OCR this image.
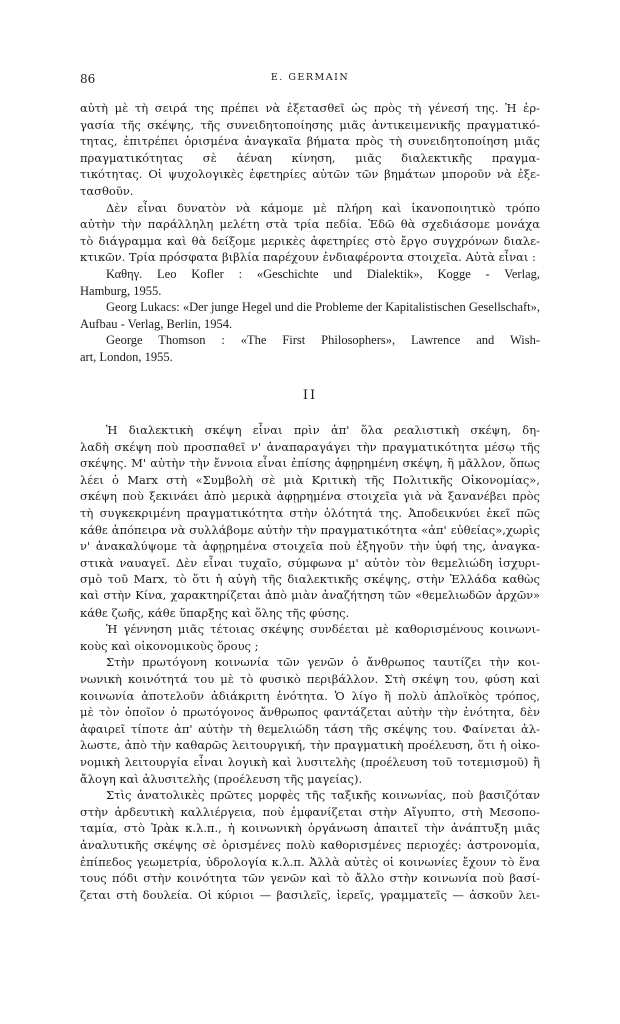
86	E. GERMAIN
αὐτὴ μὲ τὴ σειρά της πρέπει νὰ ἐξετασθεῖ ὡς πρὸς τὴ γένεσή της. Ἡ ἐρ-
γασία τῆς σκέψης, τῆς συνειδητοποίησης μιᾶς ἀντικειμενικῆς πραγματικό-
τητας, ἐπιτρέπει ὁρισμένα ἀναγκαῖα βήματα πρὸς τὴ συνειδητοποίηση μιᾶς
πραγματικότητας σὲ ἀέναη κίνηση, μιᾶς διαλεκτικῆς πραγμα-
τικότητας. Οἱ ψυχολογικὲς ἐφετηρίες αὐτῶν τῶν βημάτων μποροῦν νὰ ἐξε-
τασθοῦν.
Δὲν εἶναι δυνατὸν νὰ κάμομε μὲ πλήρη καὶ ἱκανοποιητικὸ τρόπο
αὐτὴν τὴν παράλληλη μελέτη στὰ τρία πεδία. Ἐδῶ θὰ σχεδιάσομε μονάχα
τὸ διάγραμμα καὶ θὰ δείξομε μερικὲς ἀφετηρίες στὸ ἔργο συγχρόνων διαλε-
κτικῶν. Τρία πρόσφατα βιβλία παρέχουν ἐνδιαφέροντα στοιχεῖα. Αὐτὰ εἶναι :
Καθηγ. Leo Kofler : «Geschichte und Dialektik», Kogge - Verlag,
Hamburg, 1955.

Georg Lukacs: «Der junge Hegel und die Probleme der Kapitalistischen Gesellschaft», Aufbau - Verlag, Berlin, 1954.

George Thomson : «The First Philosophers», Lawrence and Wish-
art, London, 1955.
II
Ἡ διαλεκτικὴ σκέψη εἶναι πρὶν ἀπ' ὅλα ρεαλιστικὴ σκέψη, δη-
λαδὴ σκέψη ποὺ προσπαθεῖ ν' ἀναπαραγάγει τὴν πραγματικότητα μέσῳ τῆς
σκέψης. Μ' αὐτὴν τὴν ἔννοια εἶναι ἐπίσης ἀφῃρημένη σκέψη, ἢ μᾶλλον, ὅπως
λέει ὁ Marx στὴ «Συμβολὴ σὲ μιὰ Κριτικὴ τῆς Πολιτικῆς Οἰκονομίας»,
σκέψη ποὺ ξεκινάει ἀπὸ μερικὰ ἀφῃρημένα στοιχεῖα γιὰ νὰ ξανανέβει πρὸς
τὴ συγκεκριμένη πραγματικότητα στὴν ὁλότητά της. Ἀποδεικνύει ἐκεῖ πῶς
κάθε ἀπόπειρα νὰ συλλάβομε αὐτὴν τὴν πραγματικότητα «ἀπ' εὐθείας»,χωρὶς
ν' ἀνακαλύψομε τὰ ἀφῃρημένα στοιχεῖα ποὺ ἐξηγοῦν τὴν ὑφή της, ἀναγκα-
στικὰ ναυαγεῖ. Δὲν εἶναι τυχαῖο, σύμφωνα μ' αὐτὸν τὸν θεμελιώδη ἰσχυρι-
σμὸ τοῦ Marx, τὸ ὅτι ἡ αὐγὴ τῆς διαλεκτικῆς σκέψης, στὴν Ἑλλάδα καθὼς
καὶ στὴν Κίνα, χαρακτηρίζεται ἀπὸ μιὰν ἀναζήτηση τῶν «θεμελιωδῶν ἀρχῶν»
κάθε ζωῆς, κάθε ὕπαρξης καὶ ὅλης τῆς φύσης.
Ἡ γέννηση μιᾶς τέτοιας σκέψης συνδέεται μὲ καθορισμένους κοινωνι-
κοὺς καὶ οἰκονομικοὺς ὅρους ;
Στὴν πρωτόγονη κοινωνία τῶν γενῶν ὁ ἄνθρωπος ταυτίζει τὴν κοι-
νωνικὴ κοινότητά του μὲ τὸ φυσικὸ περιβάλλον. Στὴ σκέψη του, φύση καὶ
κοινωνία ἀποτελοῦν ἀδιάκριτη ἑνότητα. Ὁ λίγο ἢ πολὺ ἁπλοϊκὸς τρόπος,
μὲ τὸν ὁποῖον ὁ πρωτόγονος ἄνθρωπος φαντάζεται αὐτὴν τὴν ἑνότητα, δὲν
ἀφαιρεῖ τίποτε ἀπ' αὐτὴν τὴ θεμελιώδη τάση τῆς σκέψης του. Φαίνεται ἀλ-
λωστε, ἀπὸ τὴν καθαρῶς λειτουργική, τὴν πραγματικὴ προέλευση, ὅτι ἡ οἰκο-
νομικὴ λειτουργία εἶναι λογικὴ καὶ λυσιτελὴς (προέλευση τοῦ τοτεμισμοῦ) ἢ
ἄλογη καὶ ἀλυσιτελὴς (προέλευση τῆς μαγείας).
Στὶς ἀνατολικὲς πρῶτες μορφὲς τῆς ταξικῆς κοινωνίας, ποὺ βασιζόταν
στὴν ἀρδευτικὴ καλλιέργεια, ποὺ ἐμφανίζεται στὴν Αἴγυπτο, στὴ Μεσοπο-
ταμία, στὸ Ἰρὰκ κ.λ.π., ἡ κοινωνικὴ ὀργάνωση ἀπαιτεῖ τὴν ἀνάπτυξη μιᾶς
ἀναλυτικῆς σκέψης σὲ ὁρισμένες πολὺ καθορισμένες περιοχές: ἀστρονομία,
ἐπίπεδος γεωμετρία, ὑδρολογία κ.λ.π. Ἀλλὰ αὐτὲς οἱ κοινωνίες ἔχουν τὸ ἕνα
τους πόδι στὴν κοινότητα τῶν γενῶν καὶ τὸ ἄλλο στὴν κοινωνία ποὺ βασί-
ζεται στὴ δουλεία. Οἱ κύριοι — βασιλεῖς, ἱερεῖς, γραμματεῖς — ἀσκοῦν λει-
